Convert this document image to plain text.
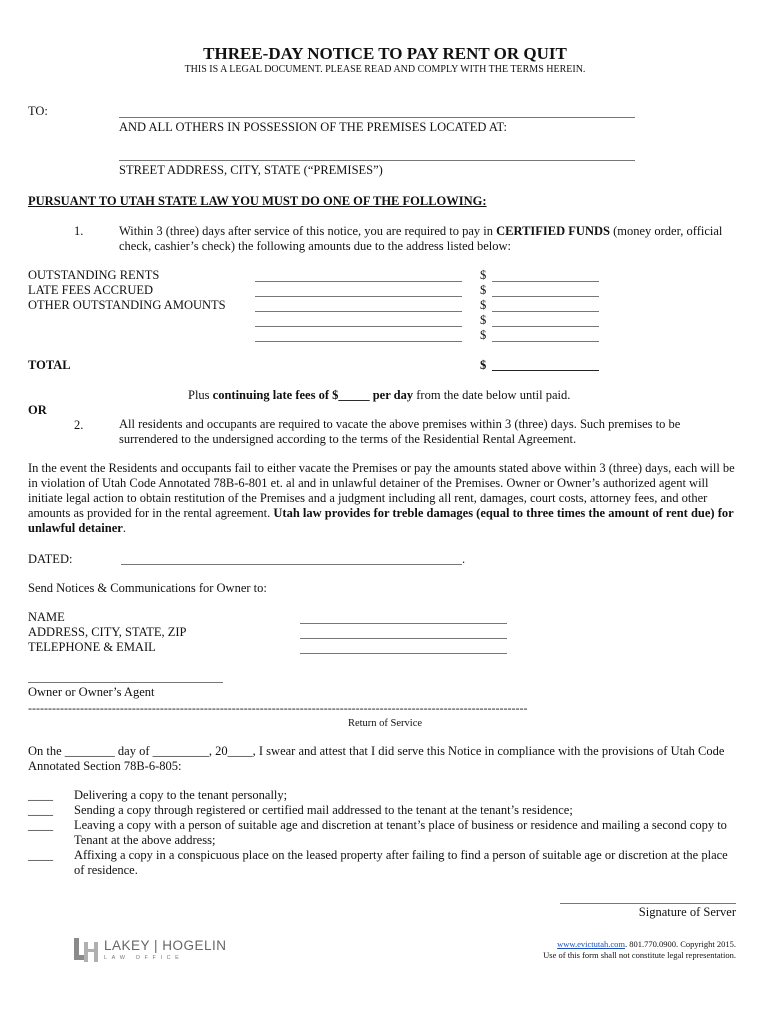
THREE-DAY NOTICE TO PAY RENT OR QUIT
THIS IS A LEGAL DOCUMENT. PLEASE READ AND COMPLY WITH THE TERMS HEREIN.
TO:
AND ALL OTHERS IN POSSESSION OF THE PREMISES LOCATED AT:
STREET ADDRESS, CITY, STATE (“PREMISES”)
PURSUANT TO UTAH STATE LAW YOU MUST DO ONE OF THE FOLLOWING:
1.	Within 3 (three) days after service of this notice, you are required to pay in CERTIFIED FUNDS (money order, official check, cashier’s check) the following amounts due to the address listed below:
OUTSTANDING RENTS	$
LATE FEES ACCRUED	$
OTHER OUTSTANDING AMOUNTS	$
$
$
TOTAL	$
Plus continuing late fees of $_____ per day from the date below until paid.
OR
2.	All residents and occupants are required to vacate the above premises within 3 (three) days. Such premises to be surrendered to the undersigned according to the terms of the Residential Rental Agreement.
In the event the Residents and occupants fail to either vacate the Premises or pay the amounts stated above within 3 (three) days, each will be in violation of Utah Code Annotated 78B-6-801 et. al and in unlawful detainer of the Premises. Owner or Owner’s authorized agent will initiate legal action to obtain restitution of the Premises and a judgment including all rent, damages, court costs, attorney fees, and other amounts as provided for in the rental agreement. Utah law provides for treble damages (equal to three times the amount of rent due) for unlawful detainer.
DATED:	.
Send Notices & Communications for Owner to:
NAME
ADDRESS, CITY, STATE, ZIP
TELEPHONE & EMAIL
Owner or Owner’s Agent
-----------------------------------------------------------------------------------------------------------------------------
Return of Service
On the ________ day of _________, 20____, I swear and attest that I did serve this Notice in compliance with the provisions of Utah Code Annotated Section 78B-6-805:
____ Delivering a copy to the tenant personally;
____ Sending a copy through registered or certified mail addressed to the tenant at the tenant’s residence;
____ Leaving a copy with a person of suitable age and discretion at tenant’s place of business or residence and mailing a second copy to Tenant at the above address;
____ Affixing a copy in a conspicuous place on the leased property after failing to find a person of suitable age or discretion at the place of residence.
Signature of Server
LAKEY | HOGELIN
LAW OFFICE
www.evictutah.com. 801.770.0900. Copyright 2015.
Use of this form shall not constitute legal representation.
